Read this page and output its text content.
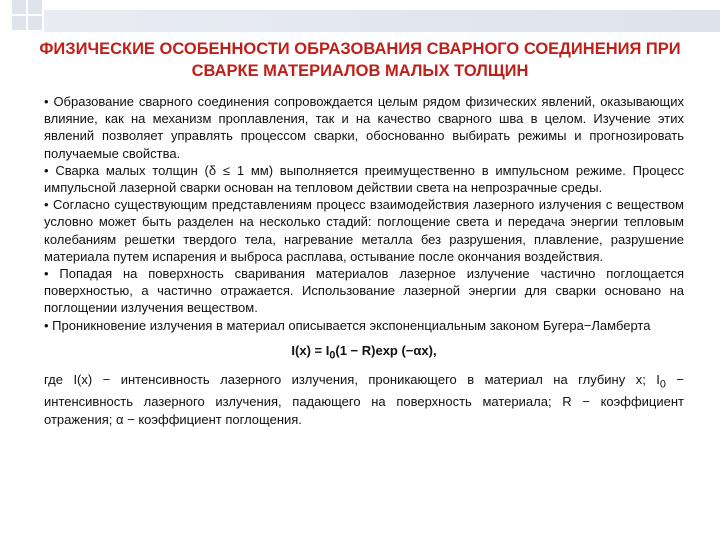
ФИЗИЧЕСКИЕ ОСОБЕННОСТИ ОБРАЗОВАНИЯ СВАРНОГО СОЕДИНЕНИЯ ПРИ
СВАРКЕ МАТЕРИАЛОВ МАЛЫХ ТОЛЩИН

• Образование сварного соединения сопровождается целым рядом физических явлений, оказывающих влияние, как на механизм проплавления, так и на качество сварного шва в целом. Изучение этих явлений позволяет управлять процессом сварки, обоснованно выбирать режимы и прогнозировать получаемые свойства.

• Сварка малых толщин (δ ≤ 1 мм) выполняется преимущественно в импульсном режиме. Процесс импульсной лазерной сварки основан на тепловом действии света на непрозрачные среды.

• Согласно существующим представлениям процесс взаимодействия лазерного излучения с веществом условно может быть разделен на несколько стадий: поглощение света и передача энергии тепловым колебаниям решетки твердого тела, нагревание металла без разрушения, плавление, разрушение материала путем испарения и выброса расплава, остывание после окончания воздействия.

• Попадая на поверхность сваривания материалов лазерное излучение частично поглощается поверхностью, а частично отражается. Использование лазерной энергии для сварки основано на поглощении излучения веществом.

• Проникновение излучения в материал описывается экспоненциальным законом Бугера−Ламберта

$I(x) = I_0(1 - R)\exp$ (−αx),

где I(x) − интенсивность лазерного излучения, проникающего в материал на глубину x; $I_0$ − интенсивность лазерного излучения, падающего на поверхность материала; R − коэффициент отражения; α − коэффициент поглощения.
